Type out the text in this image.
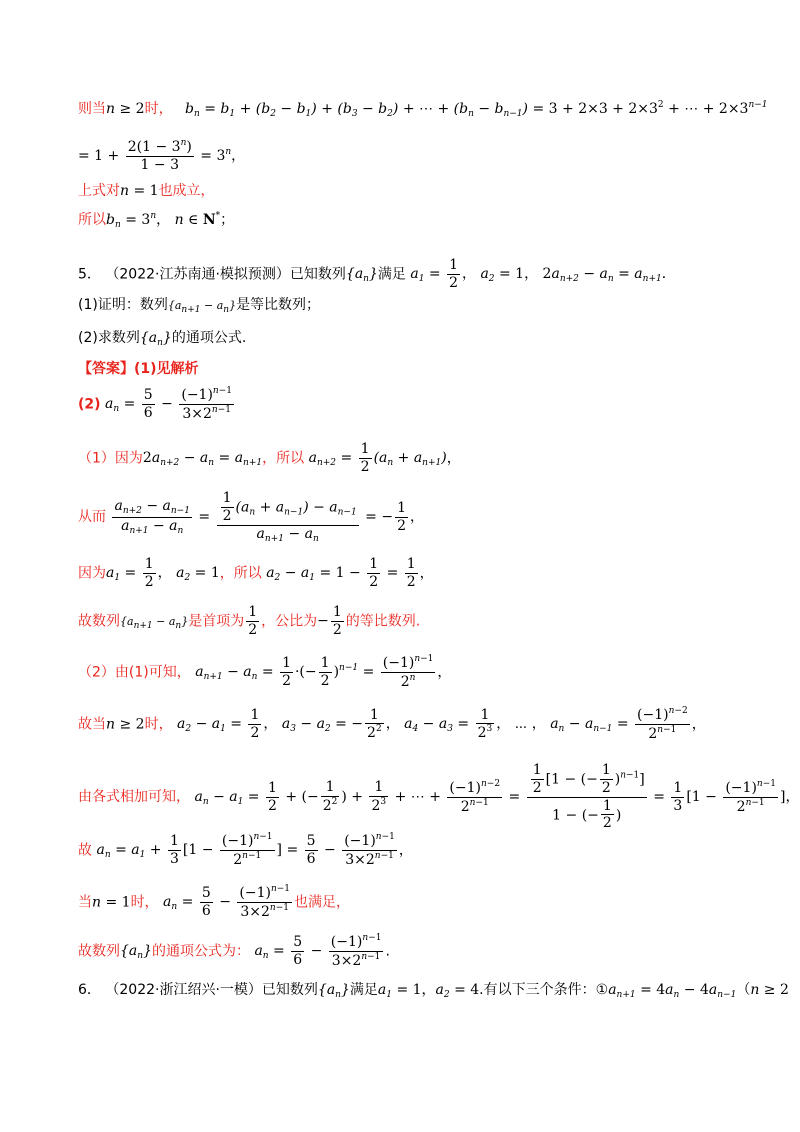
则当n ≥ 2时， $b_n = b_1 + (b_2 - b_1) + (b_3 - b_2)$ + ⋯ + $(b_n - b_{n-1}) = 3 + 2\times 3 + 2\times 3^2$ + ⋯ + $2\times 3^{n-1}$
= $1 + \frac{2(1 - 3^n)}{1 - 3} = 3^n$，
上式对n = 1也成立，
所以$b_n = 3^n$， n ∈ N*；
5． （2022·江苏南通·模拟预测）已知数列$\{a_n\}$满足 $a_1 = \frac{1}{2}$ ， $a_2 = 1$， $2a_{n+2} - a_n = a_{n+1}$．
(1)证明：数列$\{a_{n+1} - a_n\}$是等比数列；
(2)求数列$\{a_n\}$的通项公式.
【答案】(1)见解析
(2) $a_n = \frac{5}{6} - \frac{(-1)^{n-1}}{3\times 2^{n-1}}$
（1）因为$2a_{n+2} - a_n = a_{n+1}$，所以 $a_{n+2} = \frac{1}{2} (a_n + a_{n+1})$，
从而 $\frac{a_{n+2} - a_{n-1}}{a_{n+1} - a_n} = \frac{\frac{1}{2} (a_n + a_{n-1}) - a_{n-1}}{a_{n+1} - a_n}$ = − $\frac{1}{2}$ ，
因为$a_1 = \frac{1}{2}$ ， $a_2 = 1$，所以 $a_2 - a_1 = 1 - \frac{1}{2} = \frac{1}{2}$ ，
故数列$\{a_{n+1} - a_n\}$是首项为 $\frac{1}{2}$ ，公比为− $\frac{1}{2}$ 的等比数列.
（2）由(1)可知， $a_{n+1} - a_n = \frac{1}{2}$ ·(− $\frac{1}{2} )^{n-1} = \frac{(-1)^{n-1}}{2^n}$ ，
故当n ≥ 2时， $a_2 - a_1 = \frac{1}{2}$ ， $a_3 - a_2$ = − $\frac{1}{2^2}$ ， $a_4 - a_3 = \frac{1}{2^3}$ ， ⋯ ， $a_n - a_{n-1} = \frac{(-1)^{n-2}}{2^{n-1}}$ ，
由各式相加可知， $a_n - a_1 = \frac{1}{2}$ + (− $\frac{1}{2^2}$ ) + $\frac{1}{2^3}$ + ⋯ + $\frac{(-1)^{n-2}}{2^{n-1}} = \frac{\frac{1}{2} [1 - (- \frac{1}{2} )^{n-1}]}{1 - (- \frac{1}{2} )} = \frac{1}{3} [1 - \frac{(-1)^{n-1}}{2^{n-1}}$ ]，
故 $a_n = a_1 + \frac{1}{3} [1 - \frac{(-1)^{n-1}}{2^{n-1}}$ ] = $\frac{5}{6} - \frac{(-1)^{n-1}}{3\times 2^{n-1}}$ ，
当n = 1时， $a_n = \frac{5}{6} - \frac{(-1)^{n-1}}{3\times 2^{n-1}}$ 也满足，
故数列$\{a_n\}$的通项公式为： $a_n = \frac{5}{6} - \frac{(-1)^{n-1}}{3\times 2^{n-1}}$ .
6． （2022·浙江绍兴·一模）已知数列$\{a_n\}$满足$a_1 = 1$，$a_2 = 4$.有以下三个条件：$①a_{n+1} = 4a_n - 4a_{n-1}(n \ge 2$
